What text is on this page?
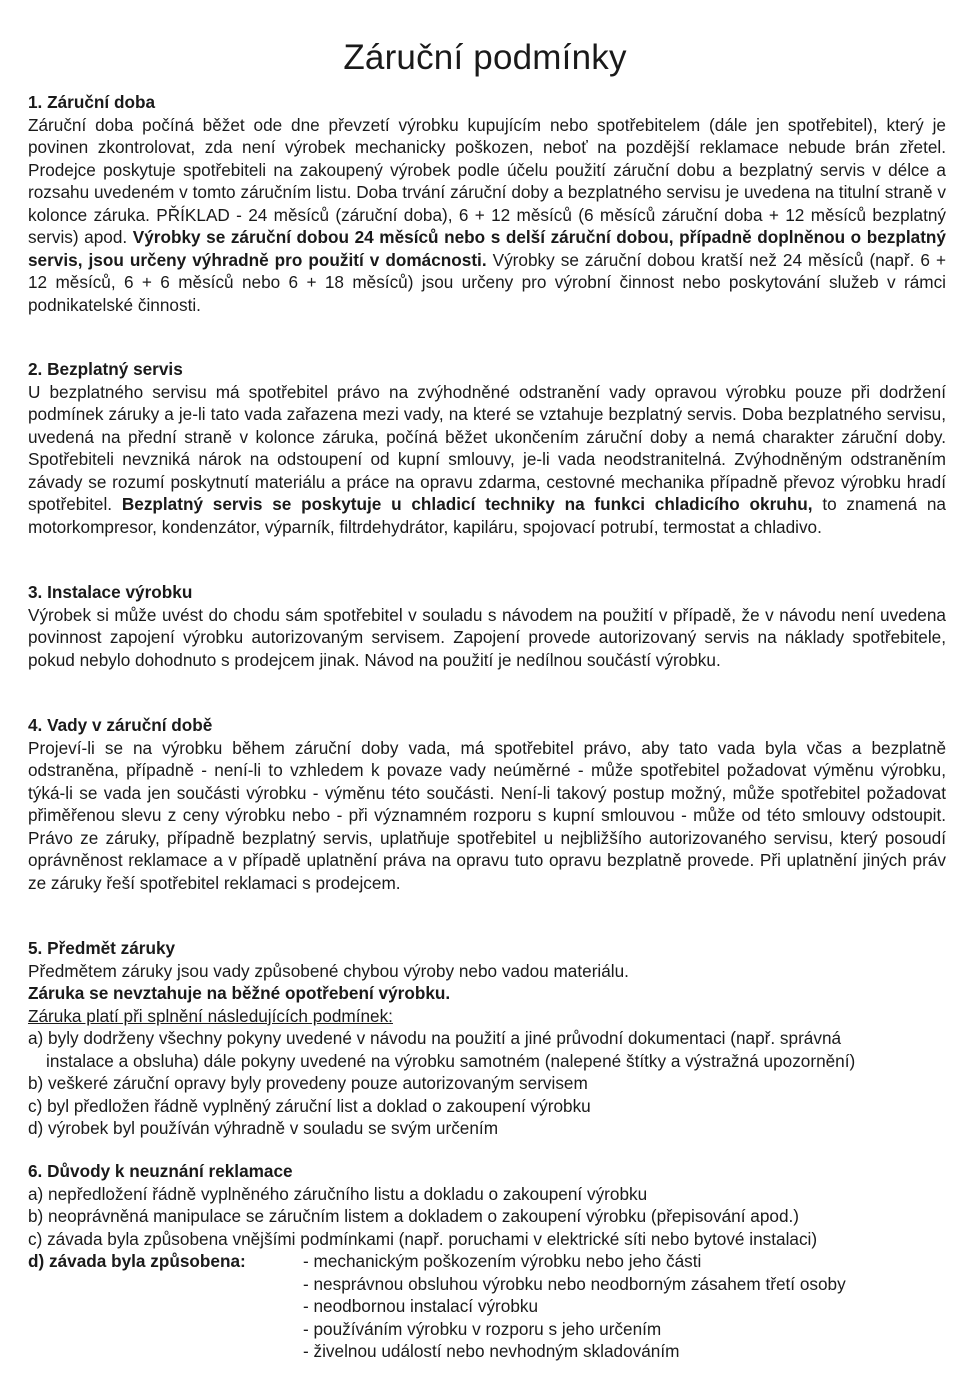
Záruční podmínky
1. Záruční doba

Záruční doba počíná běžet ode dne převzetí výrobku kupujícím nebo spotřebitelem (dále jen spotřebitel), který je povinen zkontrolovat, zda není výrobek mechanicky poškozen, neboť na pozdější reklamace nebude brán zřetel. Prodejce poskytuje spotřebiteli na zakoupený výrobek podle účelu použití záruční dobu a bezplatný servis v délce a rozsahu uvedeném v tomto záručním listu. Doba trvání záruční doby a bezplatného servisu je uvedena na titulní straně v kolonce záruka. PŘÍKLAD - 24 měsíců (záruční doba), 6 + 12 měsíců (6 měsíců záruční doba + 12 měsíců bezplatný servis) apod. Výrobky se záruční dobou 24 měsíců nebo s delší záruční dobou, případně doplněnou o bezplatný servis, jsou určeny výhradně pro použití v domácnosti. Výrobky se záruční dobou kratší než 24 měsíců (např. 6 + 12 měsíců, 6 + 6 měsíců nebo 6 + 18 měsíců) jsou určeny pro výrobní činnost nebo poskytování služeb v rámci podnikatelské činnosti.

2. Bezplatný servis

U bezplatného servisu má spotřebitel právo na zvýhodněné odstranění vady opravou výrobku pouze při dodržení podmínek záruky a je-li tato vada zařazena mezi vady, na které se vztahuje bezplatný servis. Doba bezplatného servisu, uvedená na přední straně v kolonce záruka, počíná běžet ukončením záruční doby a nemá charakter záruční doby. Spotřebiteli nevzniká nárok na odstoupení od kupní smlouvy, je-li vada neodstranitelná. Zvýhodněným odstraněním závady se rozumí poskytnutí materiálu a práce na opravu zdarma, cestovné mechanika případně převoz výrobku hradí spotřebitel. Bezplatný servis se poskytuje u chladicí techniky na funkci chladicího okruhu, to znamená na motorkompresor, kondenzátor, výparník, filtrdehydrátor, kapiláru, spojovací potrubí, termostat a chladivo.

3. Instalace výrobku

Výrobek si může uvést do chodu sám spotřebitel v souladu s návodem na použití v případě, že v návodu není uvedena povinnost zapojení výrobku autorizovaným servisem. Zapojení provede autorizovaný servis na náklady spotřebitele, pokud nebylo dohodnuto s prodejcem jinak. Návod na použití je nedílnou součástí výrobku.

4. Vady v záruční době

Projeví-li se na výrobku během záruční doby vada, má spotřebitel právo, aby tato vada byla včas a bezplatně odstraněna, případně - není-li to vzhledem k povaze vady neúměrné - může spotřebitel požadovat výměnu výrobku, týká-li se vada jen součásti výrobku - výměnu této součásti. Není-li takový postup možný, může spotřebitel požadovat přiměřenou slevu z ceny výrobku nebo - při významném rozporu s kupní smlouvou - může od této smlouvy odstoupit. Právo ze záruky, případně bezplatný servis, uplatňuje spotřebitel u nejbližšího autorizovaného servisu, který posoudí oprávněnost reklamace a v případě uplatnění práva na opravu tuto opravu bezplatně provede. Při uplatnění jiných práv ze záruky řeší spotřebitel reklamaci s prodejcem.

5. Předmět záruky
Předmětem záruky jsou vady způsobené chybou výroby nebo vadou materiálu.
Záruka se nevztahuje na běžné opotřebení výrobku.
Záruka platí při splnění následujících podmínek:
a) byly dodrženy všechny pokyny uvedené v návodu na použití a jiné průvodní dokumentaci (např. správná
instalace a obsluha) dále pokyny uvedené na výrobku samotném (nalepené štítky a výstražná upozornění)
b) veškeré záruční opravy byly provedeny pouze autorizovaným servisem
c) byl předložen řádně vyplněný záruční list a doklad o zakoupení výrobku
d) výrobek byl používán výhradně v souladu se svým určením
6. Důvody k neuznání reklamace
a) nepředložení řádně vyplněného záručního listu a dokladu o zakoupení výrobku
b) neoprávněná manipulace se záručním listem a dokladem o zakoupení výrobku (přepisování apod.)
c) závada byla způsobena vnějšími podmínkami (např. poruchami v elektrické síti nebo bytové instalaci)
d) závada byla způsobena:	- mechanickým poškozením výrobku nebo jeho části
- nesprávnou obsluhou výrobku nebo neodborným zásahem třetí osoby
- neodbornou instalací výrobku
- používáním výrobku v rozporu s jeho určením
- živelnou událostí nebo nevhodným skladováním
